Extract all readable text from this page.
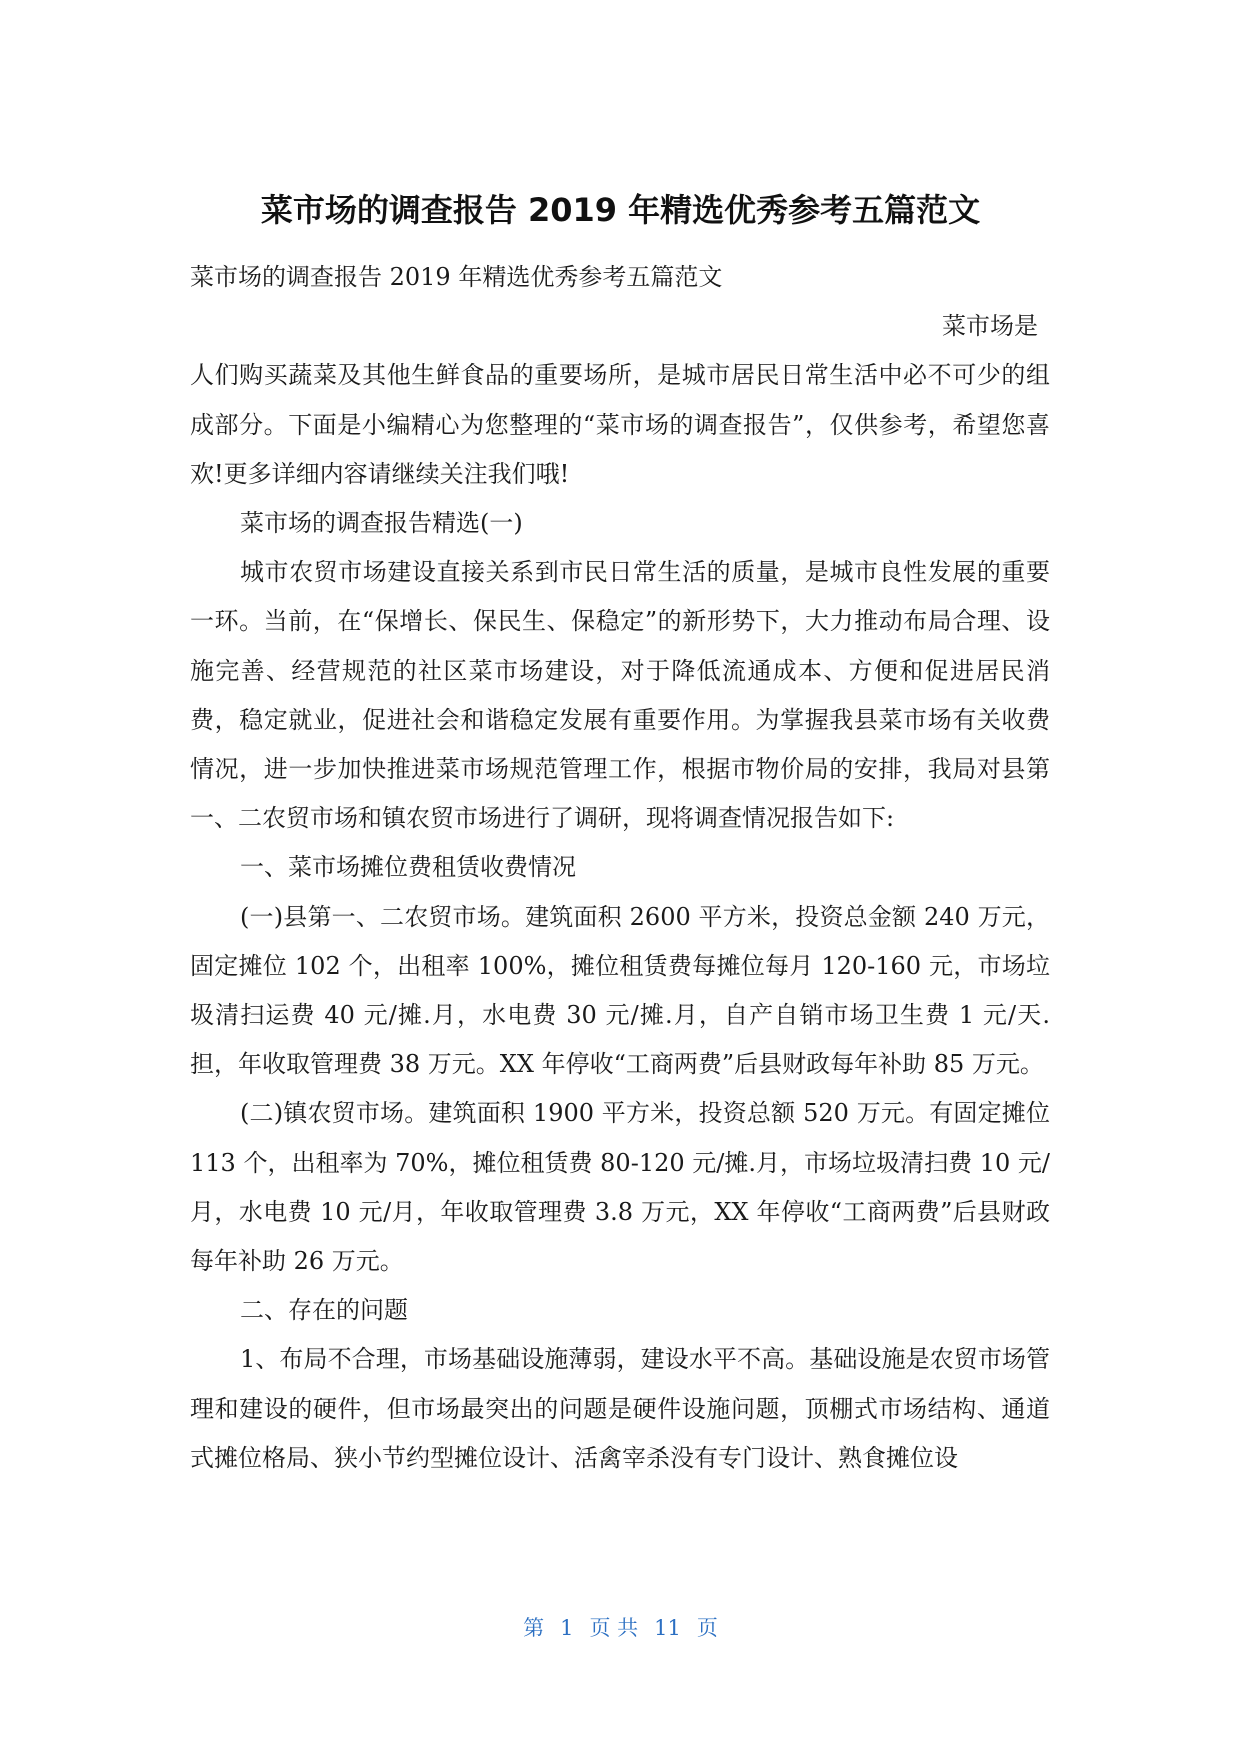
菜市场的调查报告 2019 年精选优秀参考五篇范文

菜市场的调查报告 2019 年精选优秀参考五篇范文

菜市场是

人们购买蔬菜及其他生鲜食品的重要场所，是城市居民日常生活中必不可少的组成部分。下面是小编精心为您整理的“菜市场的调查报告”，仅供参考，希望您喜欢!更多详细内容请继续关注我们哦!

菜市场的调查报告精选(一)

城市农贸市场建设直接关系到市民日常生活的质量，是城市良性发展的重要一环。当前，在“保增长、保民生、保稳定”的新形势下，大力推动布局合理、设施完善、经营规范的社区菜市场建设，对于降低流通成本、方便和促进居民消费，稳定就业，促进社会和谐稳定发展有重要作用。为掌握我县菜市场有关收费情况，进一步加快推进菜市场规范管理工作，根据市物价局的安排，我局对县第一、二农贸市场和镇农贸市场进行了调研，现将调查情况报告如下:

一、菜市场摊位费租赁收费情况

(一)县第一、二农贸市场。建筑面积 2600 平方米，投资总金额 240 万元，固定摊位 102 个，出租率 100%，摊位租赁费每摊位每月 120-160 元，市场垃圾清扫运费 40 元/摊.月，水电费 30 元/摊.月，自产自销市场卫生费 1 元/天.担，年收取管理费 38 万元。XX 年停收“工商两费”后县财政每年补助 85 万元。

(二)镇农贸市场。建筑面积 1900 平方米，投资总额 520 万元。有固定摊位 113 个，出租率为 70%，摊位租赁费 80-120 元/摊.月，市场垃圾清扫费 10 元/月，水电费 10 元/月，年收取管理费 3.8 万元，XX 年停收“工商两费”后县财政每年补助 26 万元。

二、存在的问题

1、布局不合理，市场基础设施薄弱，建设水平不高。基础设施是农贸市场管理和建设的硬件，但市场最突出的问题是硬件设施问题，顶棚式市场结构、通道式摊位格局、狭小节约型摊位设计、活禽宰杀没有专门设计、熟食摊位设

第 1 页 共 11 页
